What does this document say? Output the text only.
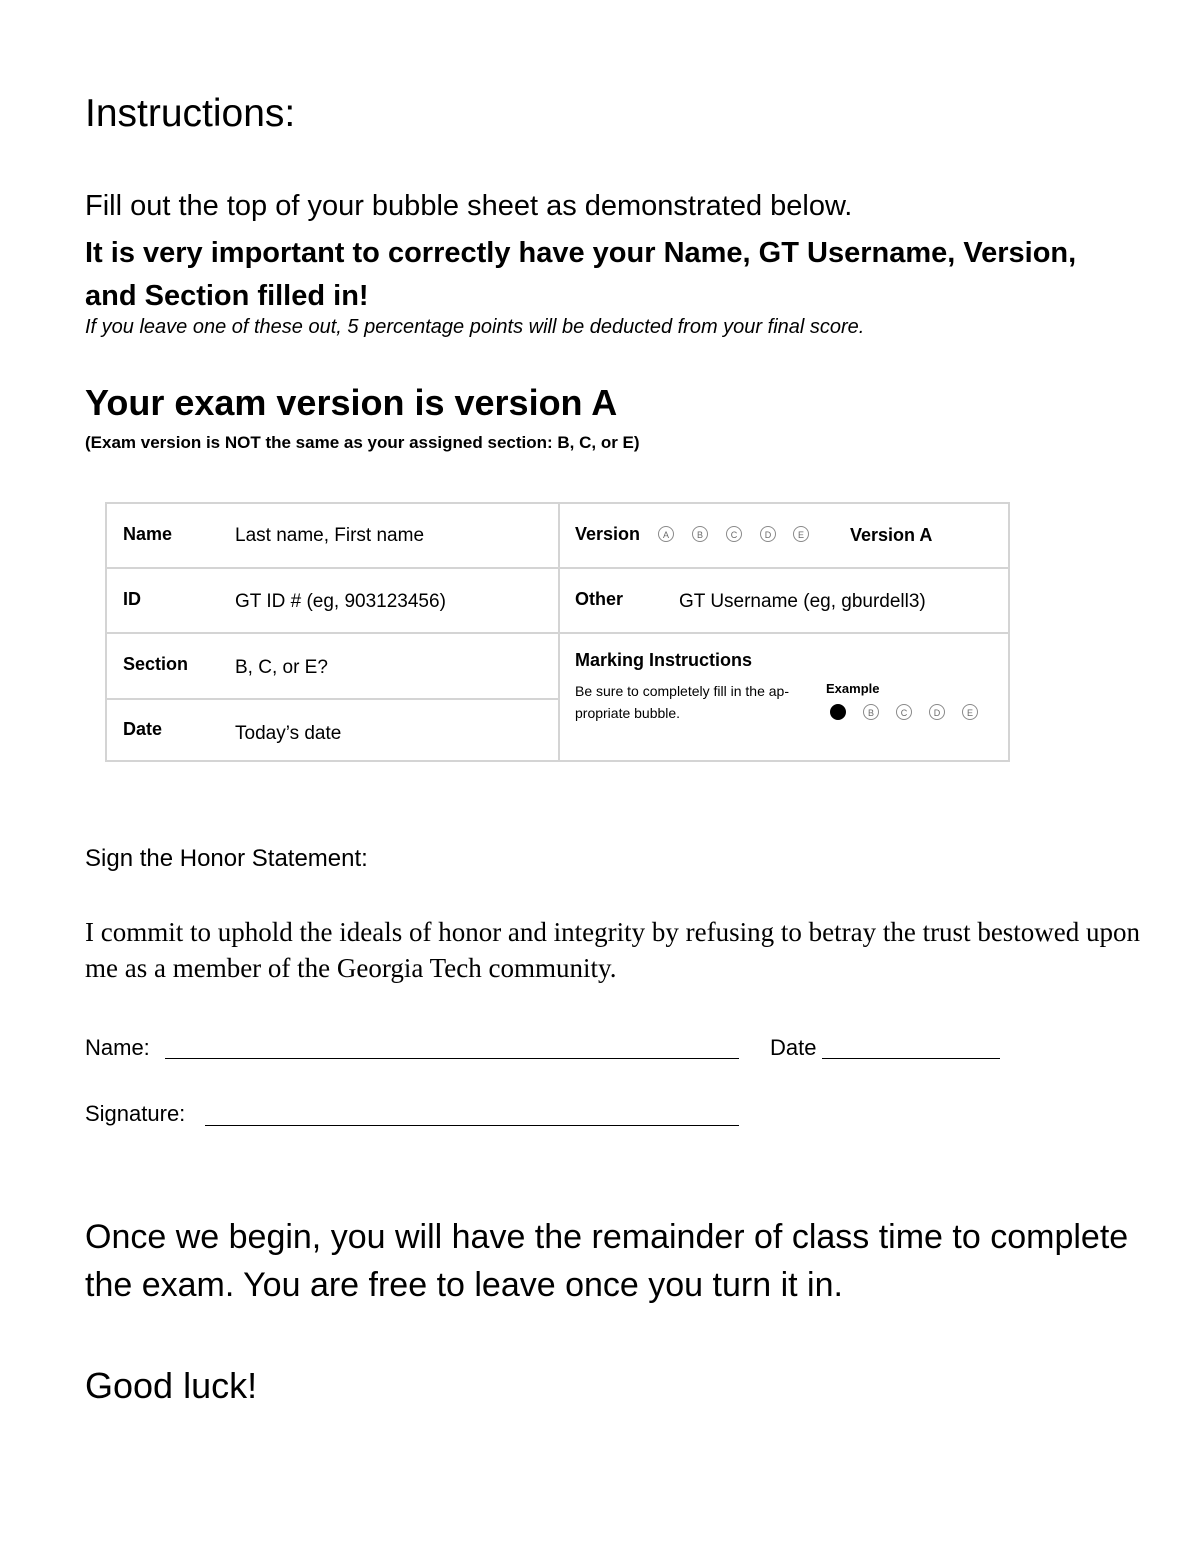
Instructions:
Fill out the top of your bubble sheet as demonstrated below.
It is very important to correctly have your Name, GT Username, Version, and Section filled in!
If you leave one of these out, 5 percentage points will be deducted from your final score.
Your exam version is version A
(Exam version is NOT the same as your assigned section: B, C, or E)
Name	Last name, First name
ID	GT ID # (eg, 903123456)
Section B, C, or E?
Date	Today’s date
Version	A	B	C	D	E	Version A
Other	GT Username (eg, gburdell3)
Marking Instructions
Be sure to completely fill in the ap-propriate bubble.
Example
B	C	D	E
Sign the Honor Statement:
I commit to uphold the ideals of honor and integrity by refusing to betray the trust bestowed upon me as a member of the Georgia Tech community.
Name:	Date
Signature:
Once we begin, you will have the remainder of class time to complete the exam. You are free to leave once you turn it in.
Good luck!
